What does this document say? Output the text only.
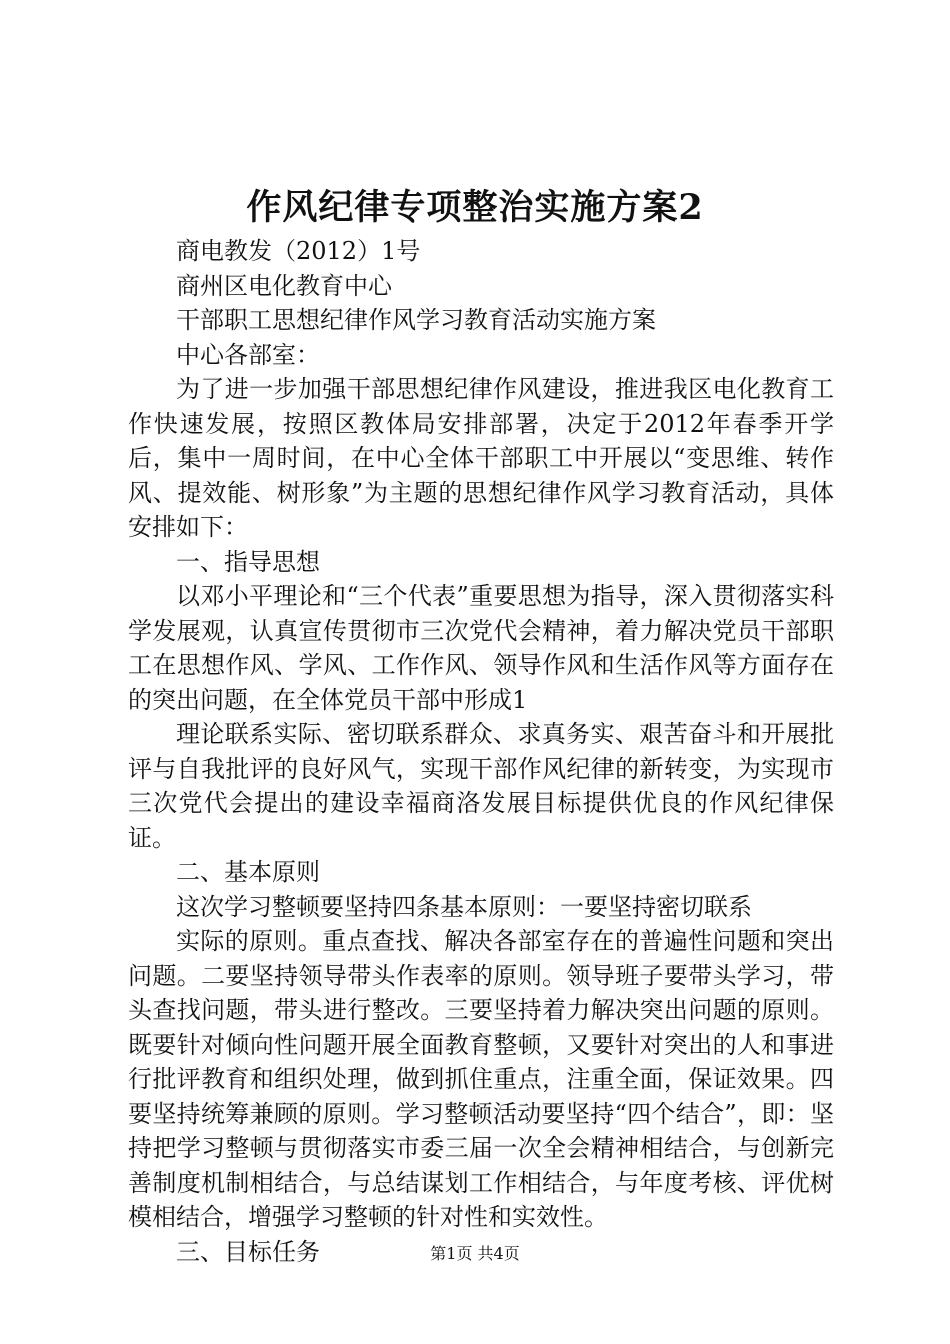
作风纪律专项整治实施方案2

商电教发（2012）1号

商州区电化教育中心

干部职工思想纪律作风学习教育活动实施方案

中心各部室：

为了进一步加强干部思想纪律作风建设，推进我区电化教育工作快速发展，按照区教体局安排部署，决定于2012年春季开学后，集中一周时间，在中心全体干部职工中开展以“变思维、转作风、提效能、树形象”为主题的思想纪律作风学习教育活动，具体安排如下：

一、指导思想

以邓小平理论和“三个代表”重要思想为指导，深入贯彻落实科学发展观，认真宣传贯彻市三次党代会精神，着力解决党员干部职工在思想作风、学风、工作作风、领导作风和生活作风等方面存在的突出问题，在全体党员干部中形成1

理论联系实际、密切联系群众、求真务实、艰苦奋斗和开展批评与自我批评的良好风气，实现干部作风纪律的新转变，为实现市三次党代会提出的建设幸福商洛发展目标提供优良的作风纪律保证。

二、基本原则

这次学习整顿要坚持四条基本原则：一要坚持密切联系

实际的原则。重点查找、解决各部室存在的普遍性问题和突出问题。二要坚持领导带头作表率的原则。领导班子要带头学习，带头查找问题，带头进行整改。三要坚持着力解决突出问题的原则。既要针对倾向性问题开展全面教育整顿，又要针对突出的人和事进行批评教育和组织处理，做到抓住重点，注重全面，保证效果。四要坚持统筹兼顾的原则。学习整顿活动要坚持“四个结合”，即：坚持把学习整顿与贯彻落实市委三届一次全会精神相结合，与创新完善制度机制相结合，与总结谋划工作相结合，与年度考核、评优树模相结合，增强学习整顿的针对性和实效性。

三、目标任务	第1页 共4页
